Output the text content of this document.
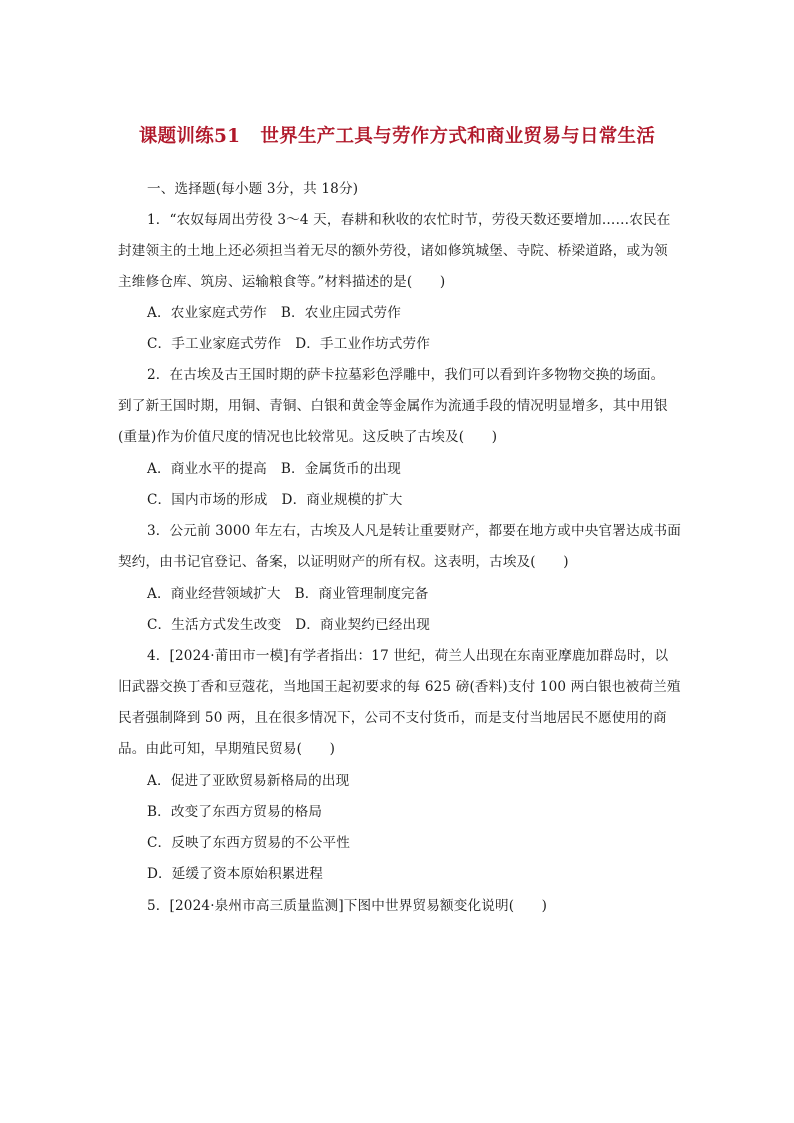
课题训练51 世界生产工具与劳作方式和商业贸易与日常生活
一、选择题(每小题 3分，共 18分)
1．“农奴每周出劳役 3～4 天，春耕和秋收的农忙时节，劳役天数还要增加……农民在
封建领主的土地上还必须担当着无尽的额外劳役，诸如修筑城堡、寺院、桥梁道路，或为领
主维修仓库、筑房、运输粮食等。”材料描述的是(　　)
A．农业家庭式劳作 B．农业庄园式劳作
C．手工业家庭式劳作 D．手工业作坊式劳作
2．在古埃及古王国时期的萨卡拉墓彩色浮雕中，我们可以看到许多物物交换的场面。
到了新王国时期，用铜、青铜、白银和黄金等金属作为流通手段的情况明显增多，其中用银
(重量)作为价值尺度的情况也比较常见。这反映了古埃及(　　)
A．商业水平的提高 B．金属货币的出现
C．国内市场的形成 D．商业规模的扩大
3．公元前 3000 年左右，古埃及人凡是转让重要财产，都要在地方或中央官署达成书面
契约，由书记官登记、备案，以证明财产的所有权。这表明，古埃及(　　)
A．商业经营领域扩大 B．商业管理制度完备
C．生活方式发生改变 D．商业契约已经出现
4．[2024·莆田市一模]有学者指出：17 世纪，荷兰人出现在东南亚摩鹿加群岛时，以
旧武器交换丁香和豆蔻花，当地国王起初要求的每 625 磅(香料)支付 100 两白银也被荷兰殖
民者强制降到 50 两，且在很多情况下，公司不支付货币，而是支付当地居民不愿使用的商
品。由此可知，早期殖民贸易(　　)
A．促进了亚欧贸易新格局的出现
B．改变了东西方贸易的格局
C．反映了东西方贸易的不公平性
D．延缓了资本原始积累进程
5．[2024·泉州市高三质量监测]下图中世界贸易额变化说明(　　)
